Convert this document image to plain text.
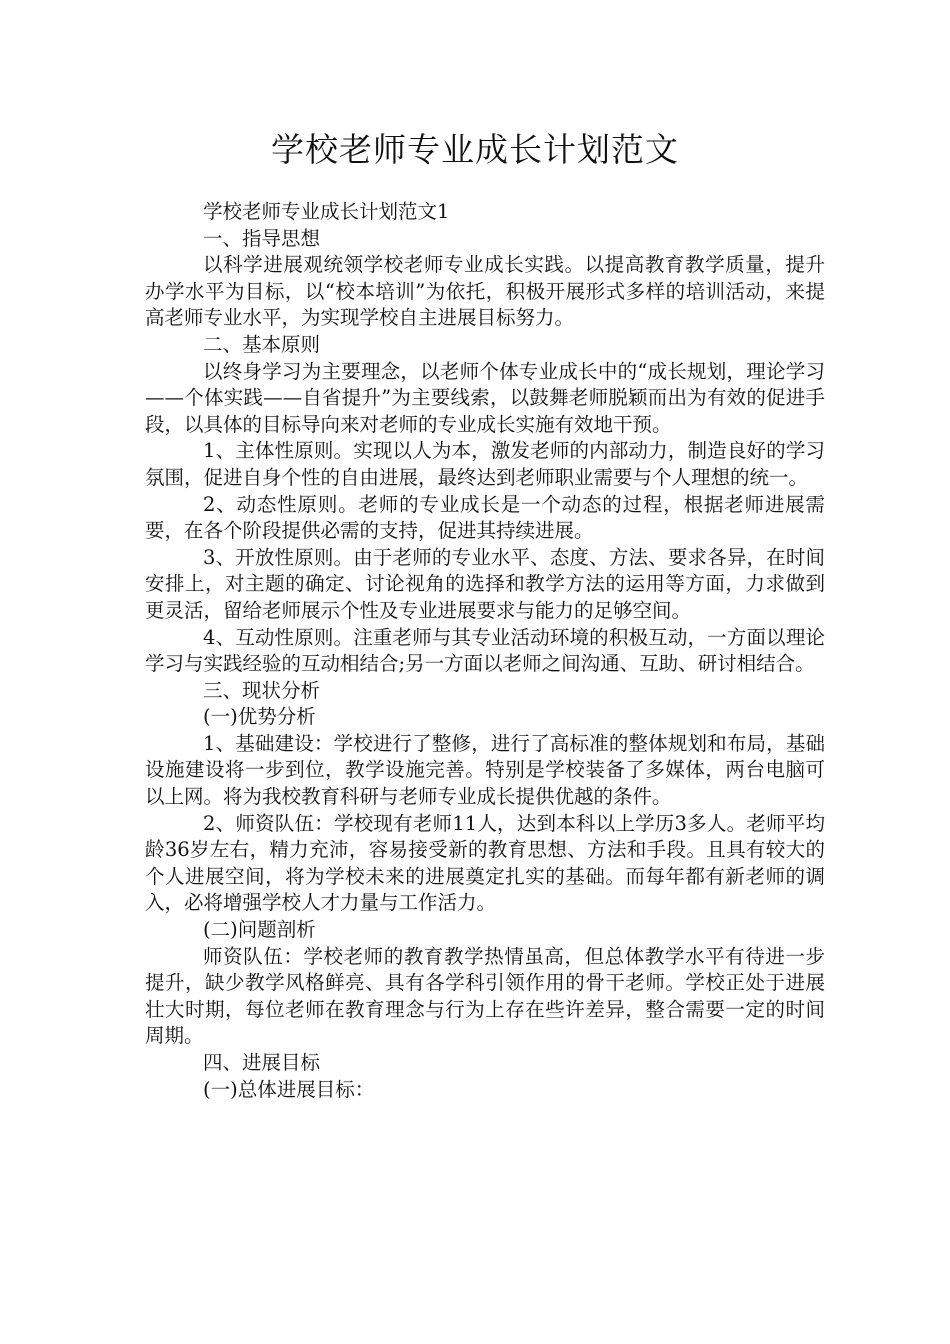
学校老师专业成长计划范文

学校老师专业成长计划范文1

一、指导思想

以科学进展观统领学校老师专业成长实践。以提高教育教学质量，提升办学水平为目标，以“校本培训”为依托，积极开展形式多样的培训活动，来提高老师专业水平，为实现学校自主进展目标努力。

二、基本原则

以终身学习为主要理念，以老师个体专业成长中的“成长规划，理论学习——个体实践——自省提升”为主要线索，以鼓舞老师脱颖而出为有效的促进手段，以具体的目标导向来对老师的专业成长实施有效地干预。

1、主体性原则。实现以人为本，激发老师的内部动力，制造良好的学习氛围，促进自身个性的自由进展，最终达到老师职业需要与个人理想的统一。

2、动态性原则。老师的专业成长是一个动态的过程，根据老师进展需要，在各个阶段提供必需的支持，促进其持续进展。

3、开放性原则。由于老师的专业水平、态度、方法、要求各异，在时间安排上，对主题的确定、讨论视角的选择和教学方法的运用等方面，力求做到更灵活，留给老师展示个性及专业进展要求与能力的足够空间。

4、互动性原则。注重老师与其专业活动环境的积极互动，一方面以理论学习与实践经验的互动相结合;另一方面以老师之间沟通、互助、研讨相结合。

三、现状分析

(一)优势分析

1、基础建设：学校进行了整修，进行了高标准的整体规划和布局，基础设施建设将一步到位，教学设施完善。特别是学校装备了多媒体，两台电脑可以上网。将为我校教育科研与老师专业成长提供优越的条件。

2、师资队伍：学校现有老师11人，达到本科以上学历3多人。老师平均龄36岁左右，精力充沛，容易接受新的教育思想、方法和手段。且具有较大的个人进展空间，将为学校未来的进展奠定扎实的基础。而每年都有新老师的调入，必将增强学校人才力量与工作活力。

(二)问题剖析

师资队伍：学校老师的教育教学热情虽高，但总体教学水平有待进一步提升，缺少教学风格鲜亮、具有各学科引领作用的骨干老师。学校正处于进展壮大时期，每位老师在教育理念与行为上存在些许差异，整合需要一定的时间周期。

四、进展目标

(一)总体进展目标：
